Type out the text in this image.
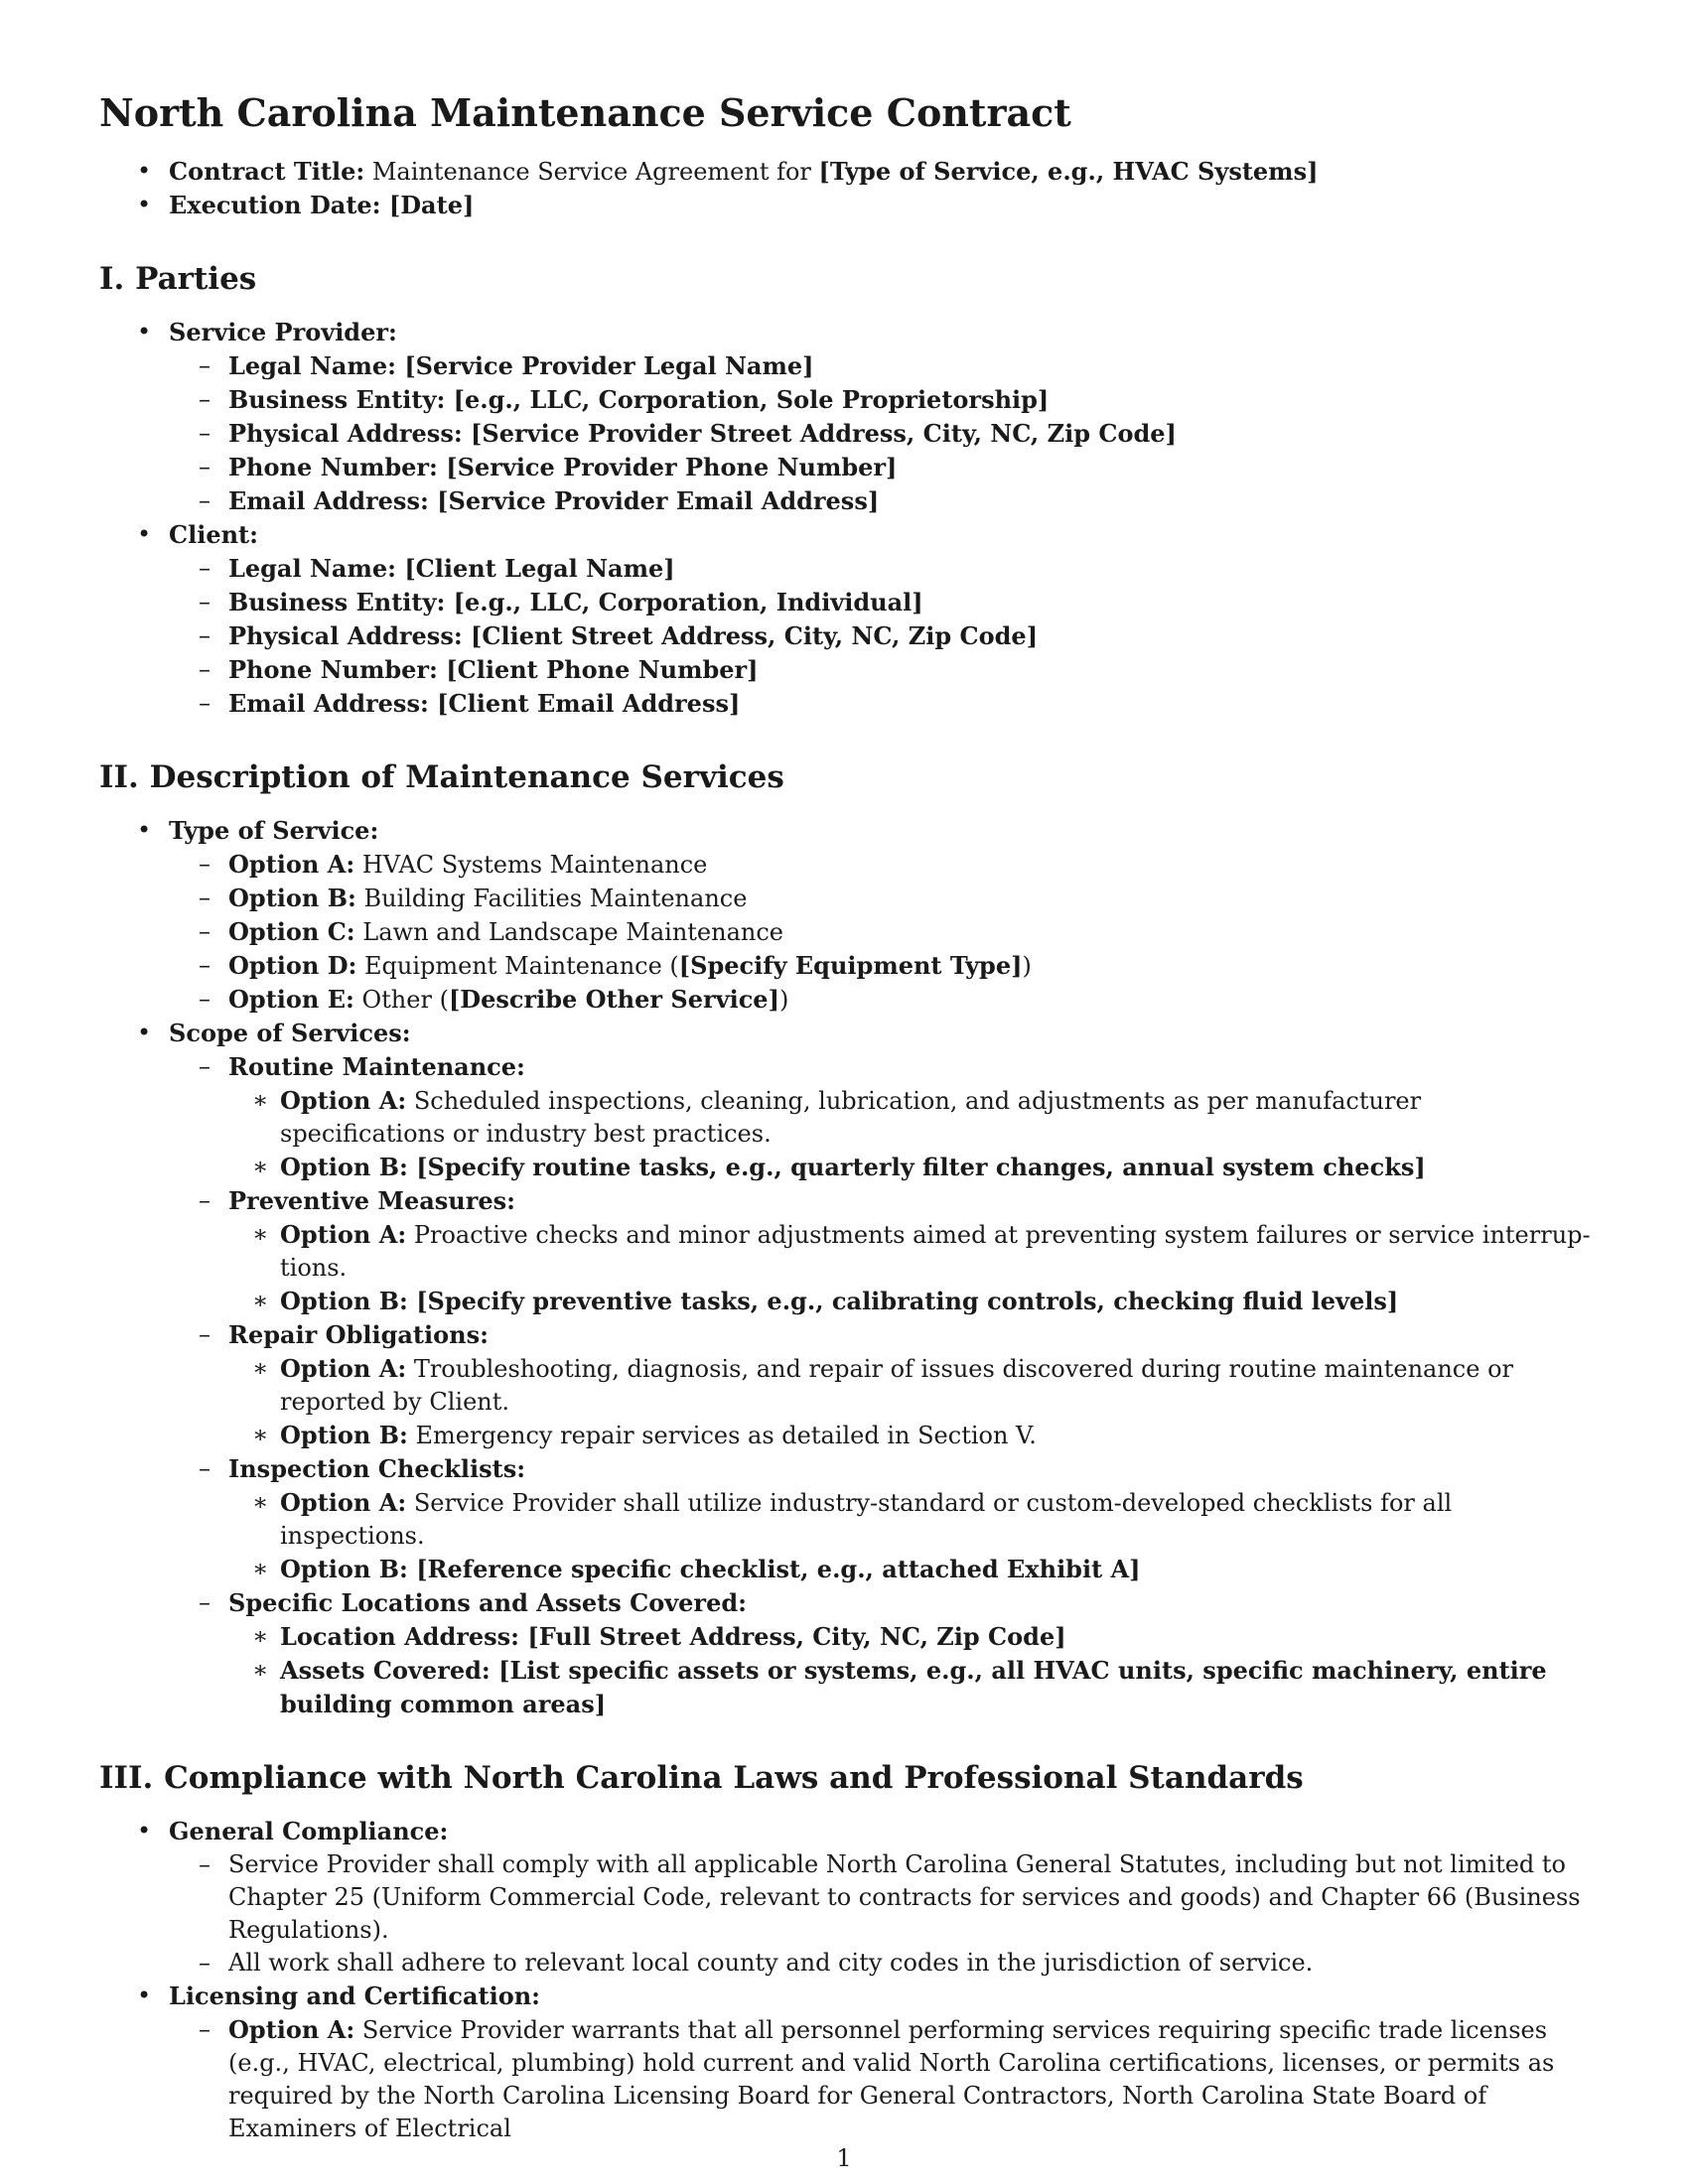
North Carolina Maintenance Service Contract
• Contract Title: Maintenance Service Agreement for [Type of Service, e.g., HVAC Systems]
• Execution Date: [Date]
I. Parties
• Service Provider:
– Legal Name: [Service Provider Legal Name]
– Business Entity: [e.g., LLC, Corporation, Sole Proprietorship]
– Physical Address: [Service Provider Street Address, City, NC, Zip Code]
– Phone Number: [Service Provider Phone Number]
– Email Address: [Service Provider Email Address]
• Client:
– Legal Name: [Client Legal Name]
– Business Entity: [e.g., LLC, Corporation, Individual]
– Physical Address: [Client Street Address, City, NC, Zip Code]
– Phone Number: [Client Phone Number]
– Email Address: [Client Email Address]
II. Description of Maintenance Services
• Type of Service:
– Option A: HVAC Systems Maintenance
– Option B: Building Facilities Maintenance
– Option C: Lawn and Landscape Maintenance
– Option D: Equipment Maintenance ([Specify Equipment Type])
– Option E: Other ([Describe Other Service])
• Scope of Services:
– Routine Maintenance:
∗ Option A: Scheduled inspections, cleaning, lubrication, and adjustments as per manufacturer specifications or industry best practices.
∗ Option B: [Specify routine tasks, e.g., quarterly filter changes, annual system checks]
– Preventive Measures:
∗ Option A: Proactive checks and minor adjustments aimed at preventing system failures or service interrup-tions.
∗ Option B: [Specify preventive tasks, e.g., calibrating controls, checking fluid levels]
– Repair Obligations:
∗ Option A: Troubleshooting, diagnosis, and repair of issues discovered during routine maintenance or reported by Client.
∗ Option B: Emergency repair services as detailed in Section V.
– Inspection Checklists:
∗ Option A: Service Provider shall utilize industry-standard or custom-developed checklists for all inspections.
∗ Option B: [Reference specific checklist, e.g., attached Exhibit A]
– Specific Locations and Assets Covered:
∗ Location Address: [Full Street Address, City, NC, Zip Code]
∗ Assets Covered: [List specific assets or systems, e.g., all HVAC units, specific machinery, entire building common areas]
III. Compliance with North Carolina Laws and Professional Standards
• General Compliance:
– Service Provider shall comply with all applicable North Carolina General Statutes, including but not limited to Chapter 25 (Uniform Commercial Code, relevant to contracts for services and goods) and Chapter 66 (Business Regulations).
– All work shall adhere to relevant local county and city codes in the jurisdiction of service.
• Licensing and Certification:
– Option A: Service Provider warrants that all personnel performing services requiring specific trade licenses (e.g., HVAC, electrical, plumbing) hold current and valid North Carolina certifications, licenses, or permits as required by the North Carolina Licensing Board for General Contractors, North Carolina State Board of Examiners of Electrical
1
